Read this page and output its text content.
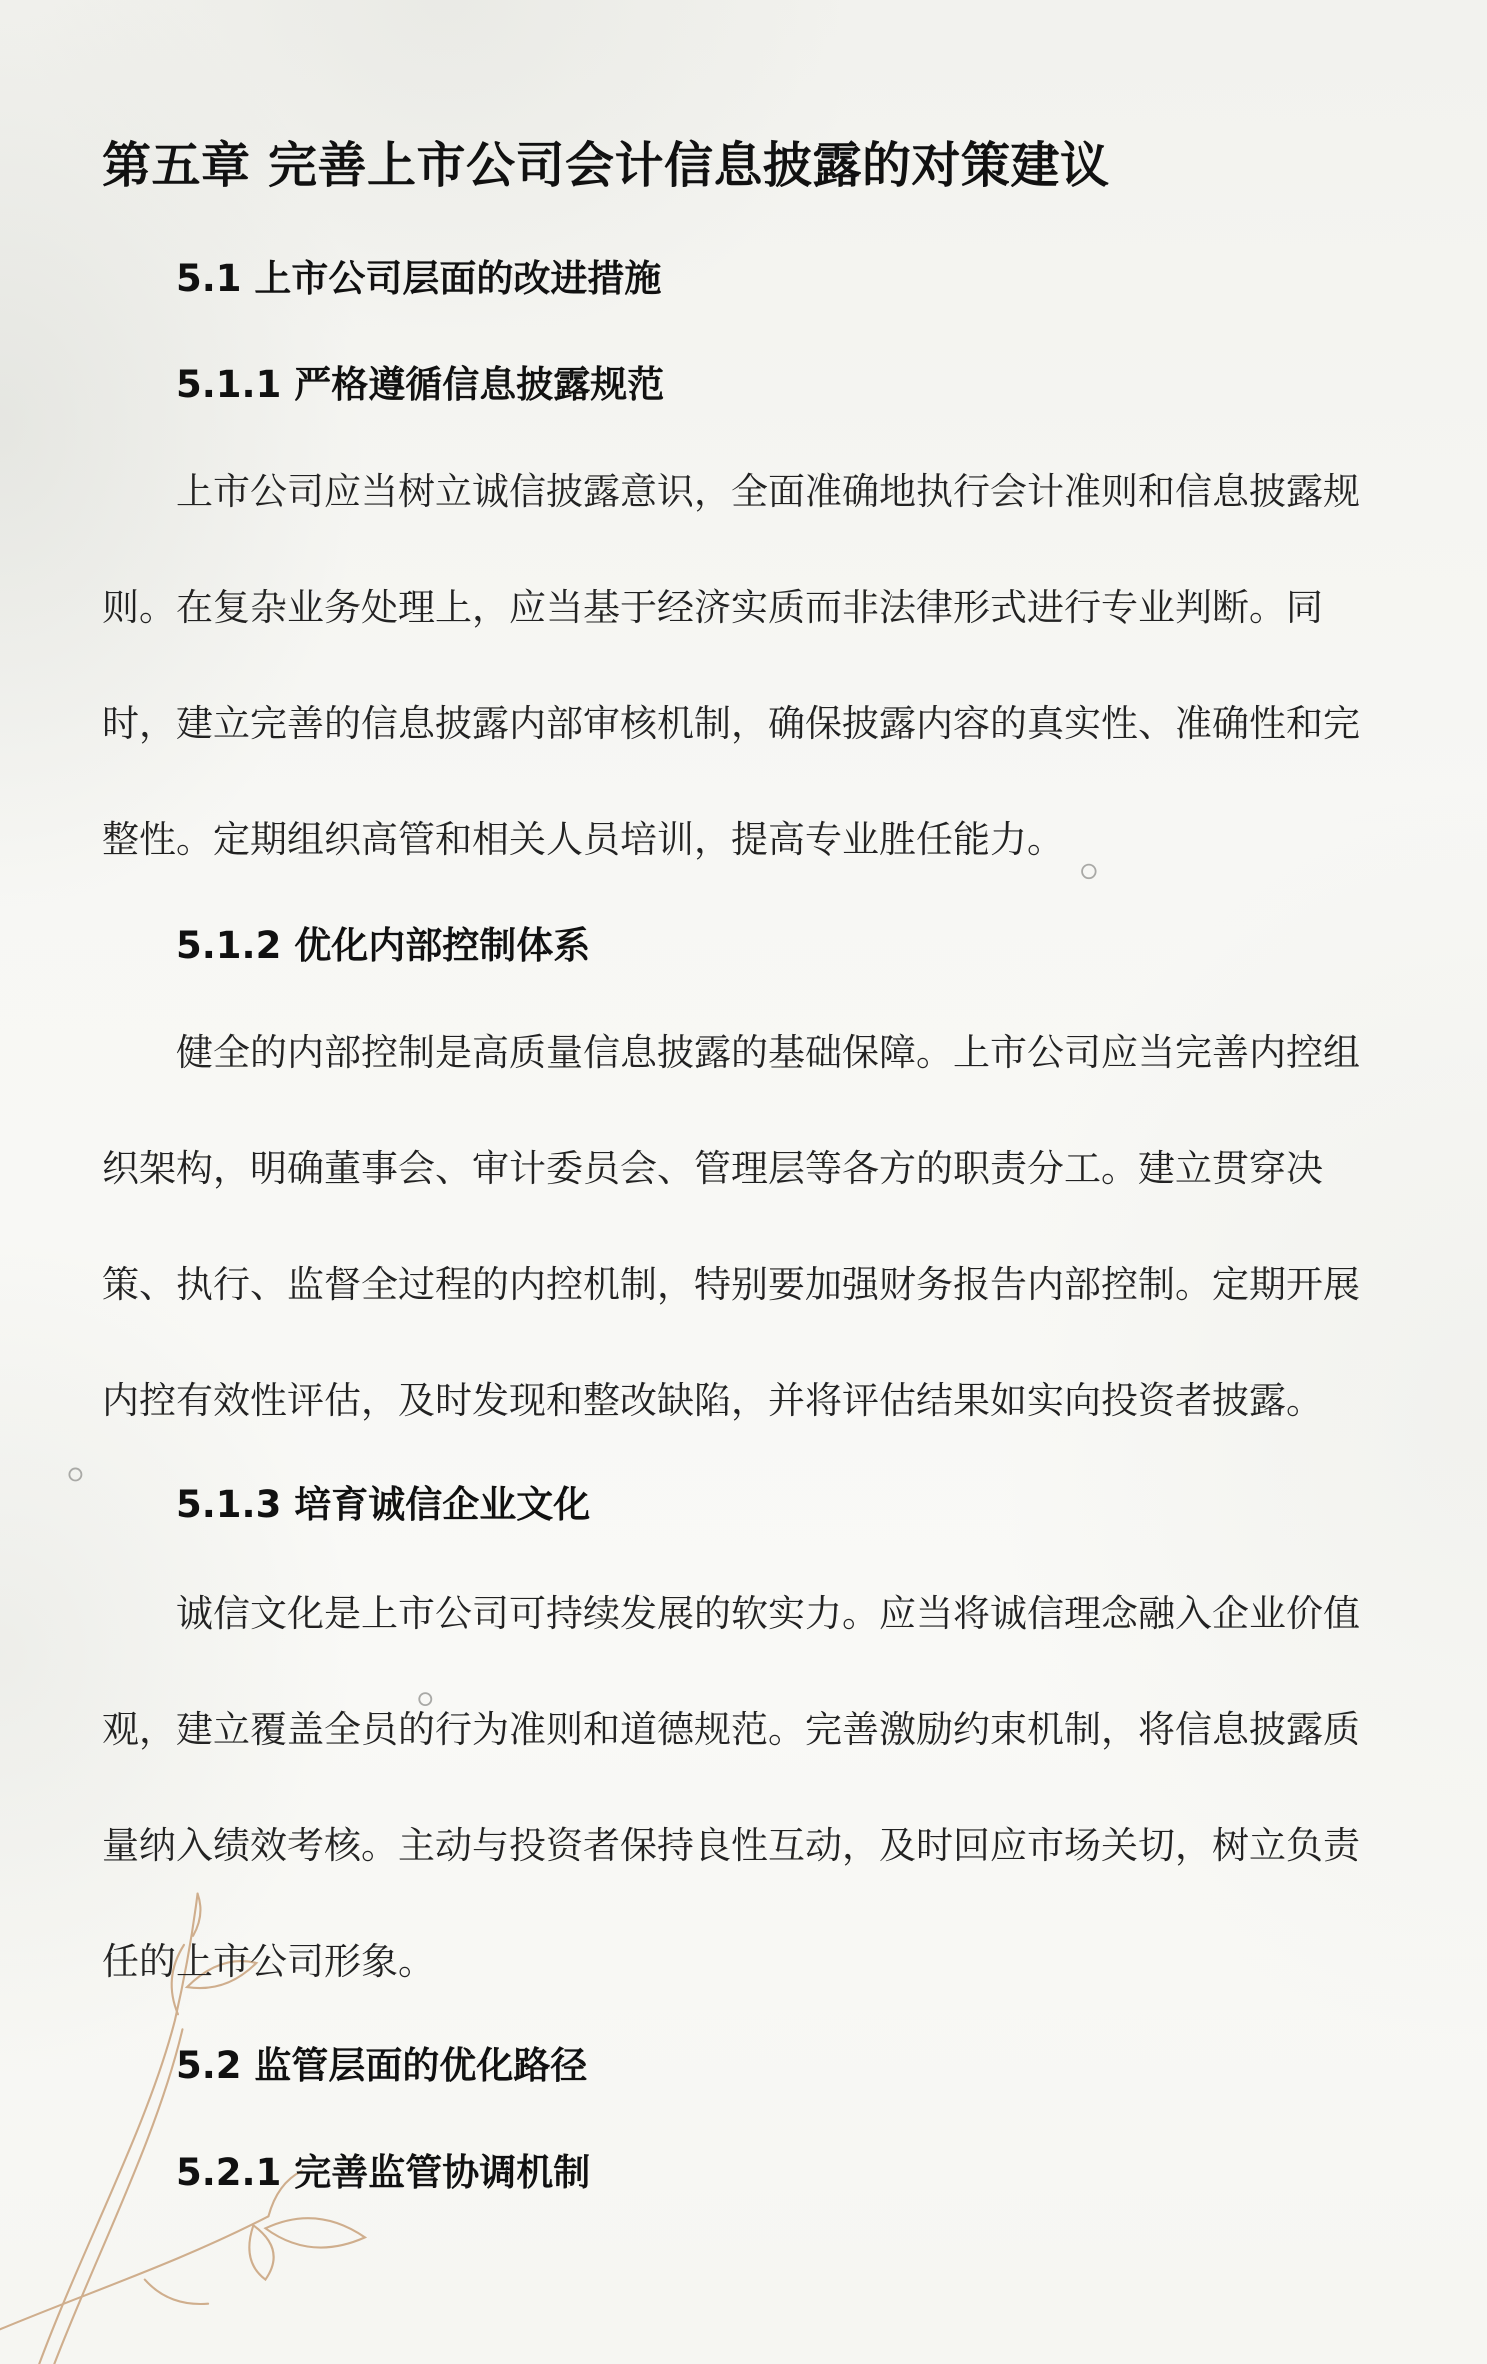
第五章 完善上市公司会计信息披露的对策建议
5.1 上市公司层面的改进措施
5.1.1 严格遵循信息披露规范
上市公司应当树立诚信披露意识，全面准确地执行会计准则和信息披露规
则。在复杂业务处理上，应当基于经济实质而非法律形式进行专业判断。同
时，建立完善的信息披露内部审核机制，确保披露内容的真实性、准确性和完
整性。定期组织高管和相关人员培训，提高专业胜任能力。
5.1.2 优化内部控制体系
健全的内部控制是高质量信息披露的基础保障。上市公司应当完善内控组
织架构，明确董事会、审计委员会、管理层等各方的职责分工。建立贯穿决
策、执行、监督全过程的内控机制，特别要加强财务报告内部控制。定期开展
内控有效性评估，及时发现和整改缺陷，并将评估结果如实向投资者披露。
5.1.3 培育诚信企业文化
诚信文化是上市公司可持续发展的软实力。应当将诚信理念融入企业价值
观，建立覆盖全员的行为准则和道德规范。完善激励约束机制，将信息披露质
量纳入绩效考核。主动与投资者保持良性互动，及时回应市场关切，树立负责
任的上市公司形象。
5.2 监管层面的优化路径
5.2.1 完善监管协调机制
